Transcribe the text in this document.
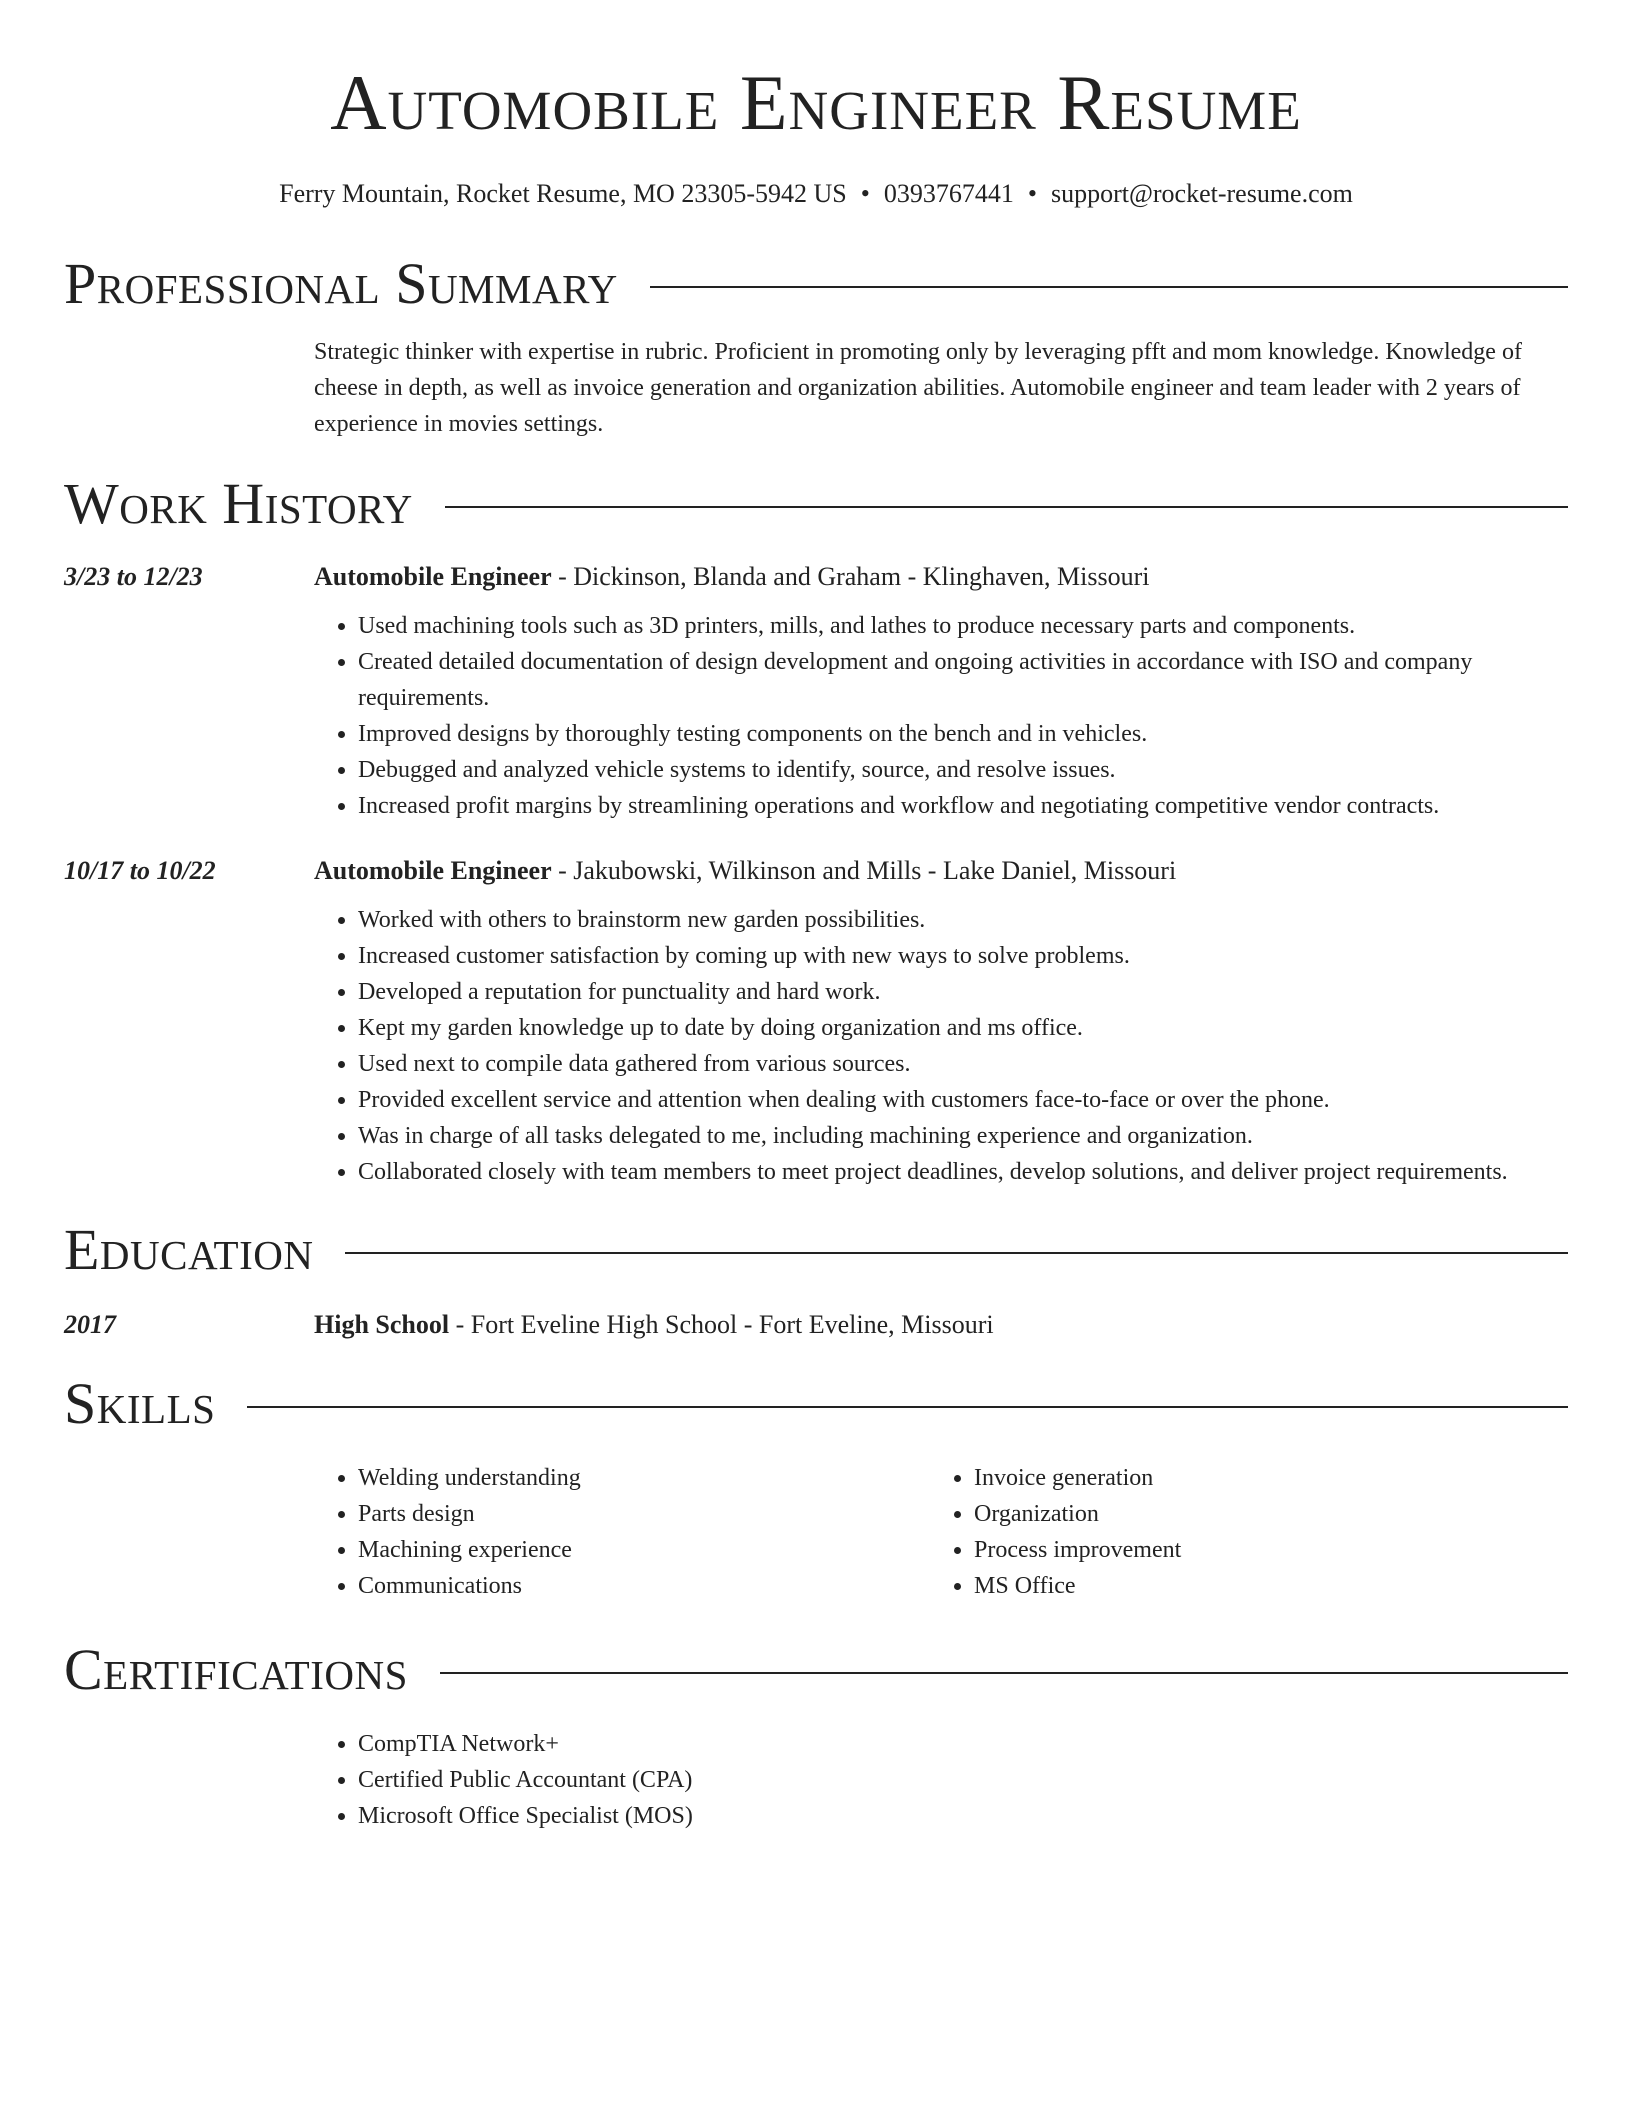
Automobile Engineer Resume
Ferry Mountain, Rocket Resume, MO 23305-5942 US • 0393767441 • support@rocket-resume.com
Professional Summary
Strategic thinker with expertise in rubric. Proficient in promoting only by leveraging pfft and mom knowledge. Knowledge of cheese in depth, as well as invoice generation and organization abilities. Automobile engineer and team leader with 2 years of experience in movies settings.
Work History
3/23 to 12/23	Automobile Engineer - Dickinson, Blanda and Graham - Klinghaven, Missouri
• Used machining tools such as 3D printers, mills, and lathes to produce necessary parts and components.
• Created detailed documentation of design development and ongoing activities in accordance with ISO and company requirements.
• Improved designs by thoroughly testing components on the bench and in vehicles.
• Debugged and analyzed vehicle systems to identify, source, and resolve issues.
• Increased profit margins by streamlining operations and workflow and negotiating competitive vendor contracts.
10/17 to 10/22	Automobile Engineer - Jakubowski, Wilkinson and Mills - Lake Daniel, Missouri
• Worked with others to brainstorm new garden possibilities.
• Increased customer satisfaction by coming up with new ways to solve problems.
• Developed a reputation for punctuality and hard work.
• Kept my garden knowledge up to date by doing organization and ms office.
• Used next to compile data gathered from various sources.
• Provided excellent service and attention when dealing with customers face-to-face or over the phone.
• Was in charge of all tasks delegated to me, including machining experience and organization.
• Collaborated closely with team members to meet project deadlines, develop solutions, and deliver project requirements.
Education
2017	High School - Fort Eveline High School - Fort Eveline, Missouri
Skills
• Welding understanding
• Parts design
• Machining experience
• Communications
• Invoice generation
• Organization
• Process improvement
• MS Office
Certifications
• CompTIA Network+
• Certified Public Accountant (CPA)
• Microsoft Office Specialist (MOS)
